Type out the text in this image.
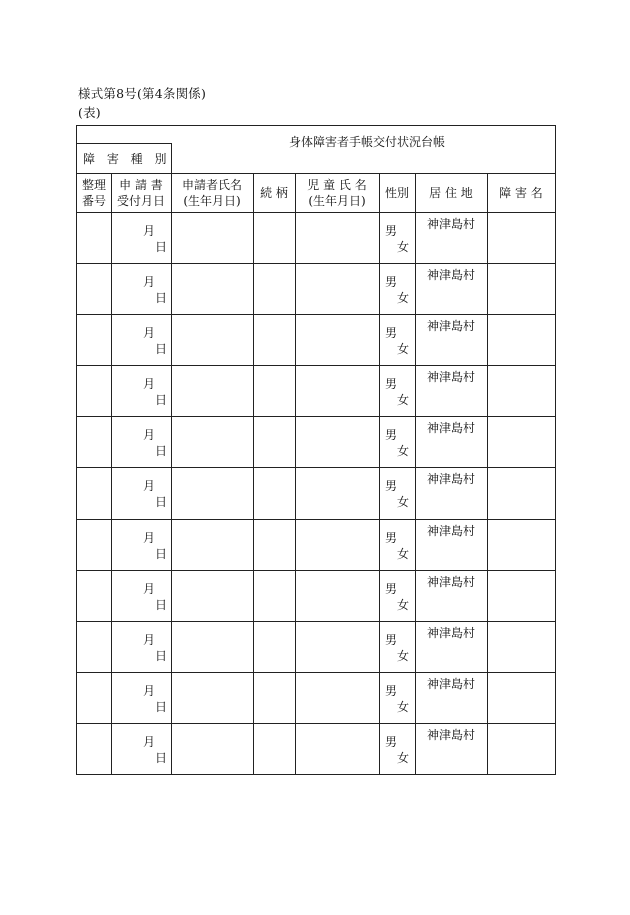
様式第8号(第4条関係)
(表)
身体障害者手帳交付状況台帳
障 害 種 別
整理
番号
申 請 書
受付月日
申請者氏名
(生年月日)
続 柄
児 童 氏 名
(生年月日)
性別 居 住 地 障 害 名
月
日
男
女
神津島村
月
日
男
女
神津島村
月
日
男
女
神津島村
月
日
男
女
神津島村
月
日
男
女
神津島村
月
日
男
女
神津島村
月
日
男
女
神津島村
月
日
男
女
神津島村
月
日
男
女
神津島村
月
日
男
女
神津島村
月
日
男
女
神津島村
